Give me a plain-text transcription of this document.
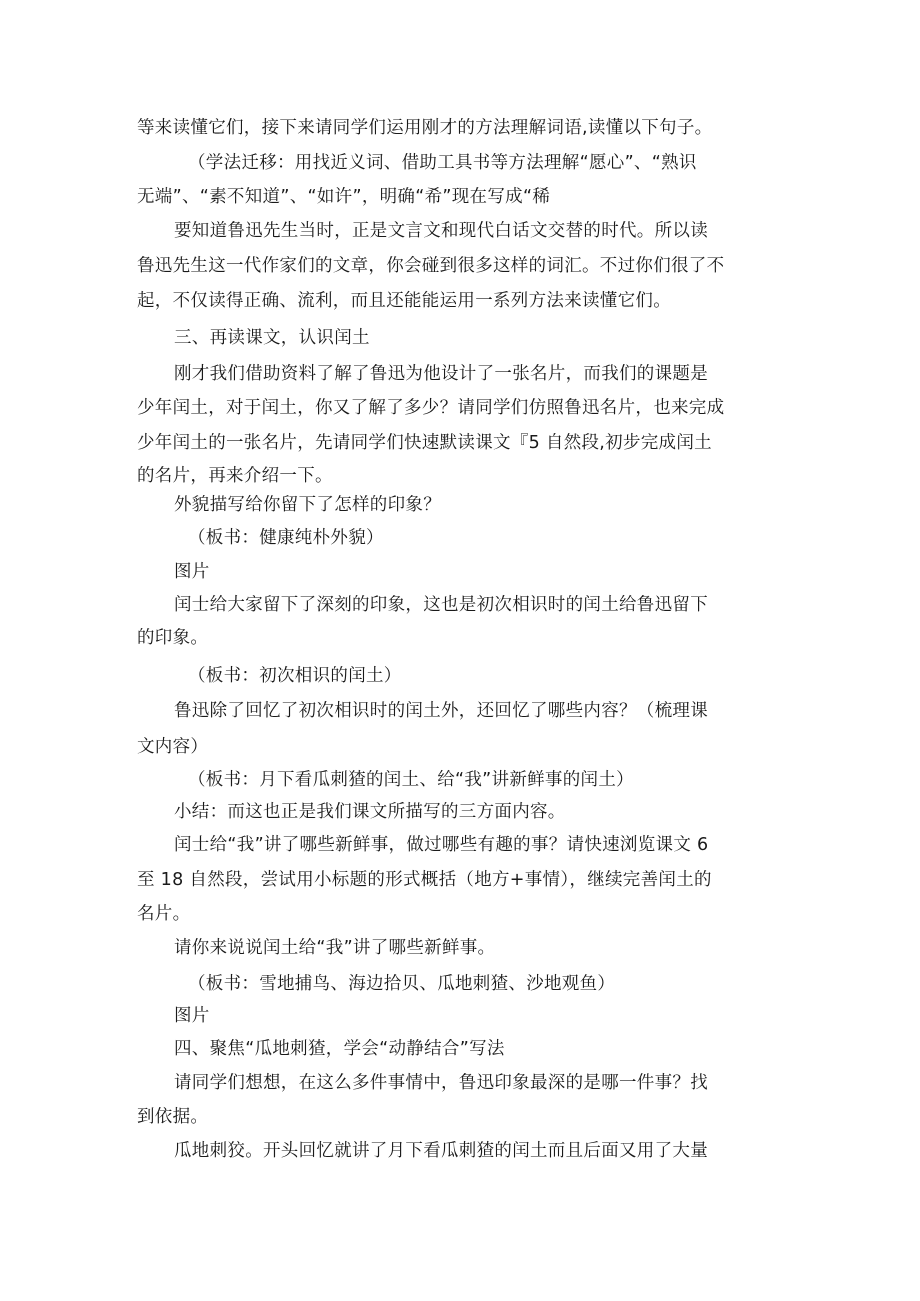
等来读懂它们，接下来请同学们运用刚才的方法理解词语,读懂以下句子。
（学法迁移：用找近义词、借助工具书等方法理解“愿心”、“熟识
无端”、“素不知道”、“如许”，明确“希”现在写成“稀
要知道鲁迅先生当时，正是文言文和现代白话文交替的时代。所以读
鲁迅先生这一代作家们的文章，你会碰到很多这样的词汇。不过你们很了不
起，不仅读得正确、流利，而且还能能运用一系列方法来读懂它们。
三、再读课文，认识闰土
刚才我们借助资料了解了鲁迅为他设计了一张名片，而我们的课题是
少年闰土，对于闰土，你又了解了多少？请同学们仿照鲁迅名片，也来完成
少年闰土的一张名片，先请同学们快速默读课文『5 自然段,初步完成闰土
的名片，再来介绍一下。
外貌描写给你留下了怎样的印象？
（板书：健康纯朴外貌）
图片
闰士给大家留下了深刻的印象，这也是初次相识时的闰土给鲁迅留下
的印象。
（板书：初次相识的闰土）
鲁迅除了回忆了初次相识时的闰土外，还回忆了哪些内容？（梳理课
文内容）
（板书：月下看瓜刺猹的闰土、给“我”讲新鲜事的闰土）
小结：而这也正是我们课文所描写的三方面内容。
闰士给“我”讲了哪些新鲜事，做过哪些有趣的事？请快速浏览课文 6
至 18 自然段，尝试用小标题的形式概括（地方+事情），继续完善闰土的
名片。
请你来说说闰土给“我”讲了哪些新鲜事。
（板书：雪地捕鸟、海边拾贝、瓜地刺猹、沙地观鱼）
图片
四、聚焦“瓜地刺猹，学会“动静结合”写法
请同学们想想，在这么多件事情中，鲁迅印象最深的是哪一件事？找
到依据。
瓜地刺狡。开头回忆就讲了月下看瓜刺猹的闰土而且后面又用了大量
